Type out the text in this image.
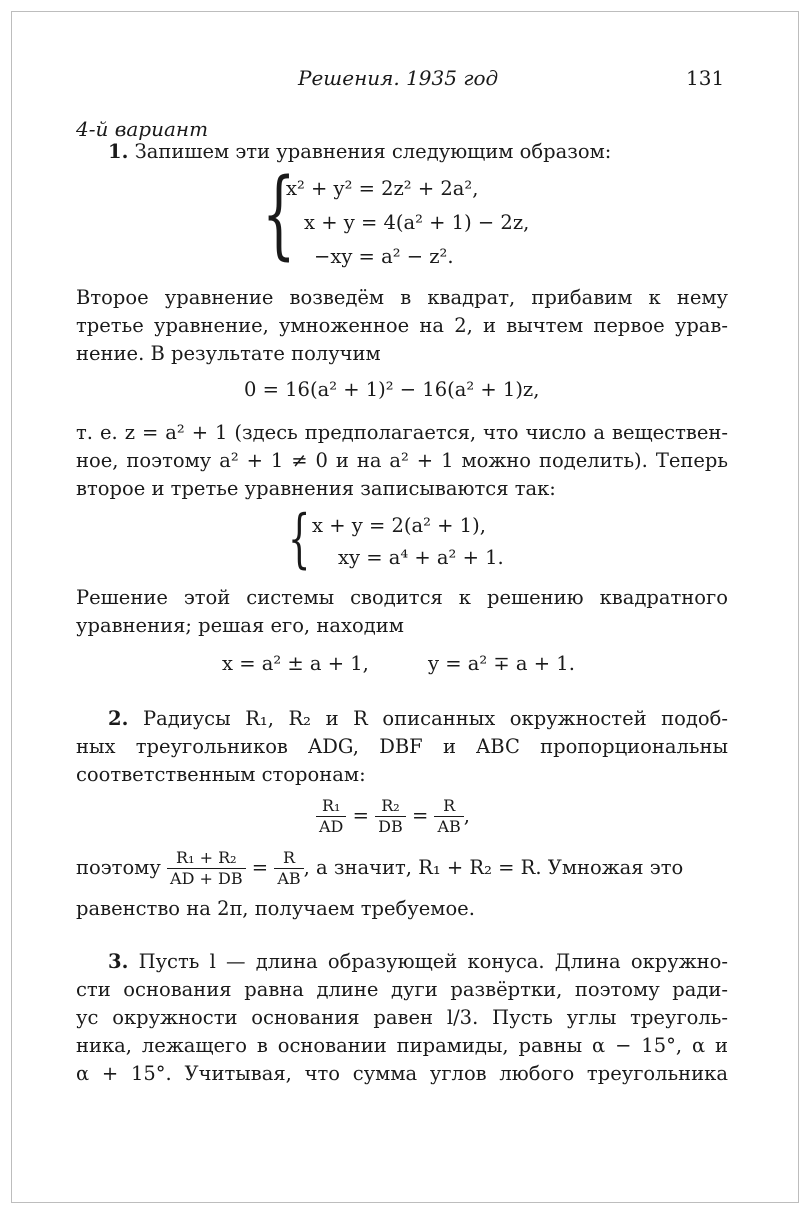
Решения. 1935 год	131
4-й вариант
1. Запишем эти уравнения следующим образом:
{
x² + y² = 2z² + 2a²,
x + y = 4(a² + 1) − 2z,
−xy = a² − z².
Второе уравнение возведём в квадрат, прибавим к нему
третье уравнение, умноженное на 2, и вычтем первое урав-
нение. В результате получим
0 = 16(a² + 1)² − 16(a² + 1)z,
т. е. z = a² + 1 (здесь предполагается, что число a веществен-
ное, поэтому a² + 1 ≠ 0 и на a² + 1 можно поделить). Теперь
второе и третье уравнения записываются так:
{ x + y = 2(a² + 1),
xy = a⁴ + a² + 1.
Решение этой системы сводится к решению квадратного
уравнения; решая его, находим
x = a² ± a + 1,	y = a² ∓ a + 1.
2. Радиусы R₁, R₂ и R описанных окружностей подоб-
ных треугольников ADG, DBF и ABC пропорциональны
соответственным сторонам:
$\frac{\text{R₁}}{AD} = \frac{\text{R₂}}{DB} = \frac{R}{AB}$ ,
поэтому $\frac{\text{R₁ + R₂}}{AD + DB} = \frac{R}{AB}$ , а значит, R₁ + R₂ = R. Умножая это
равенство на 2π, получаем требуемое.
3. Пусть l — длина образующей конуса. Длина окружно-
сти основания равна длине дуги развёртки, поэтому ради-
ус окружности основания равен l/3. Пусть углы треуголь-
ника, лежащего в основании пирамиды, равны α − 15°, α и
α + 15°. Учитывая, что сумма углов любого треугольника
